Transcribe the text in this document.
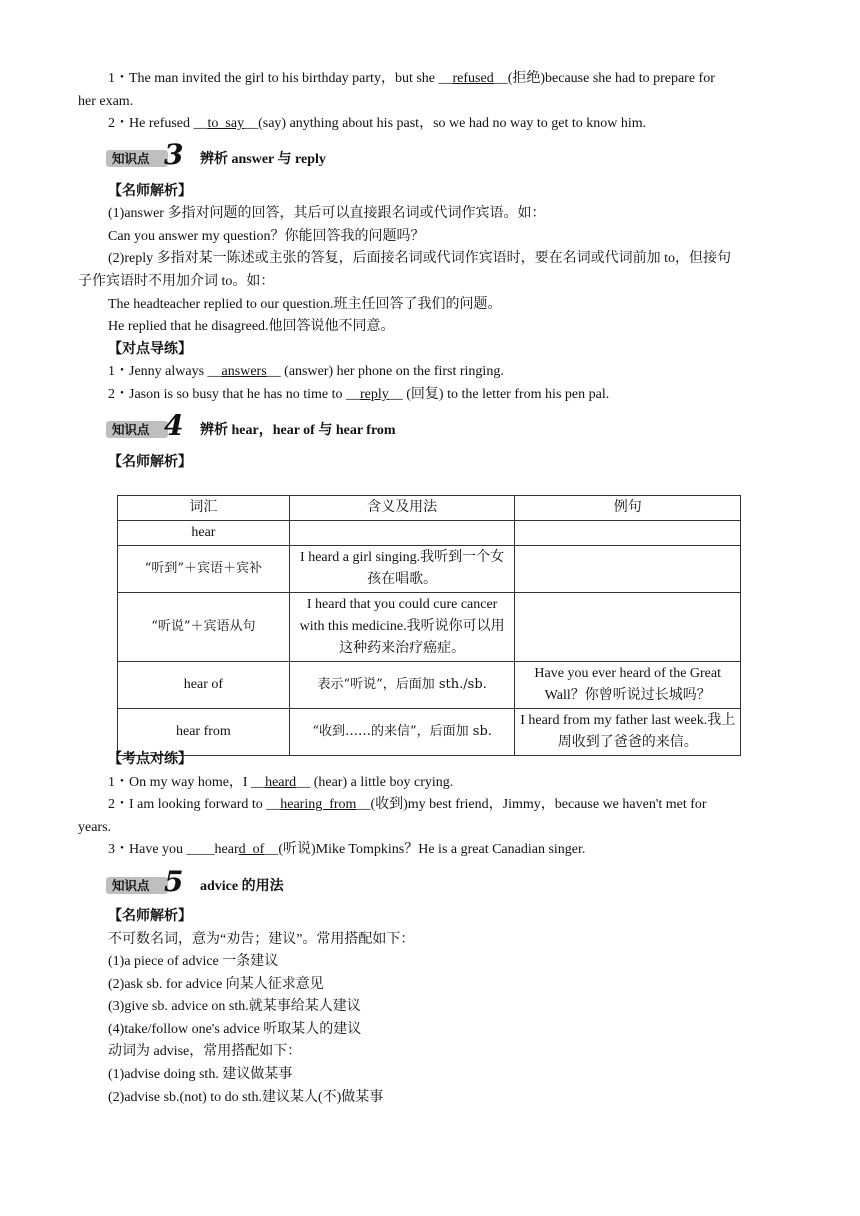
1・The man invited the girl to his birthday party，but she __refused__(拒绝)because she had to prepare for
her exam.
2・He refused __to  say__(say) anything about his past，so we had no way to get to know him.
知识点 3 辨析 answer 与 reply
【名师解析】
(1)answer 多指对问题的回答，其后可以直接跟名词或代词作宾语。如：
Can you answer my question？你能回答我的问题吗？
(2)reply 多指对某一陈述或主张的答复，后面接名词或代词作宾语时，要在名词或代词前加 to，但接句
子作宾语时不用加介词 to。如：
The headteacher replied to our question.班主任回答了我们的问题。
He replied that he disagreed.他回答说他不同意。
【对点导练】
1・Jenny always __answers__ (answer) her phone on the first ringing.
2・Jason is so busy that he has no time to __reply__ (回复) to the letter from his pen pal.
知识点 4 辨析 hear，hear of 与 hear from
【名师解析】
词汇	含义及用法	例句
hear		
“听到”＋宾语＋宾补	I heard a girl singing.我听到一个女孩在唱歌。	
“听说”＋宾语从句	I heard that you could cure cancer with this medicine.我听说你可以用这种药来治疗癌症。	
hear of	表示“听说”，后面加 sth./sb.	Have you ever heard of the Great Wall？你曾听说过长城吗？
hear from	“收到……的来信”，后面加 sb.	I heard from my father last week.我上周收到了爸爸的来信。
【考点对练】
1・On my way home，I __heard__ (hear) a little boy crying.
2・I am looking forward to __hearing  from__(收到)my best friend，Jimmy，because we haven't met for
years.
3・Have you ____heard  of__(听说)Mike Tompkins？He is a great Canadian singer.
知识点 5 advice 的用法
【名师解析】
不可数名词，意为“劝告；建议”。常用搭配如下：
(1)a piece of advice 一条建议
(2)ask sb. for advice 向某人征求意见
(3)give sb. advice on sth.就某事给某人建议
(4)take/follow one's advice 听取某人的建议
动词为 advise，常用搭配如下：
(1)advise doing sth. 建议做某事
(2)advise sb.(not) to do sth.建议某人(不)做某事
